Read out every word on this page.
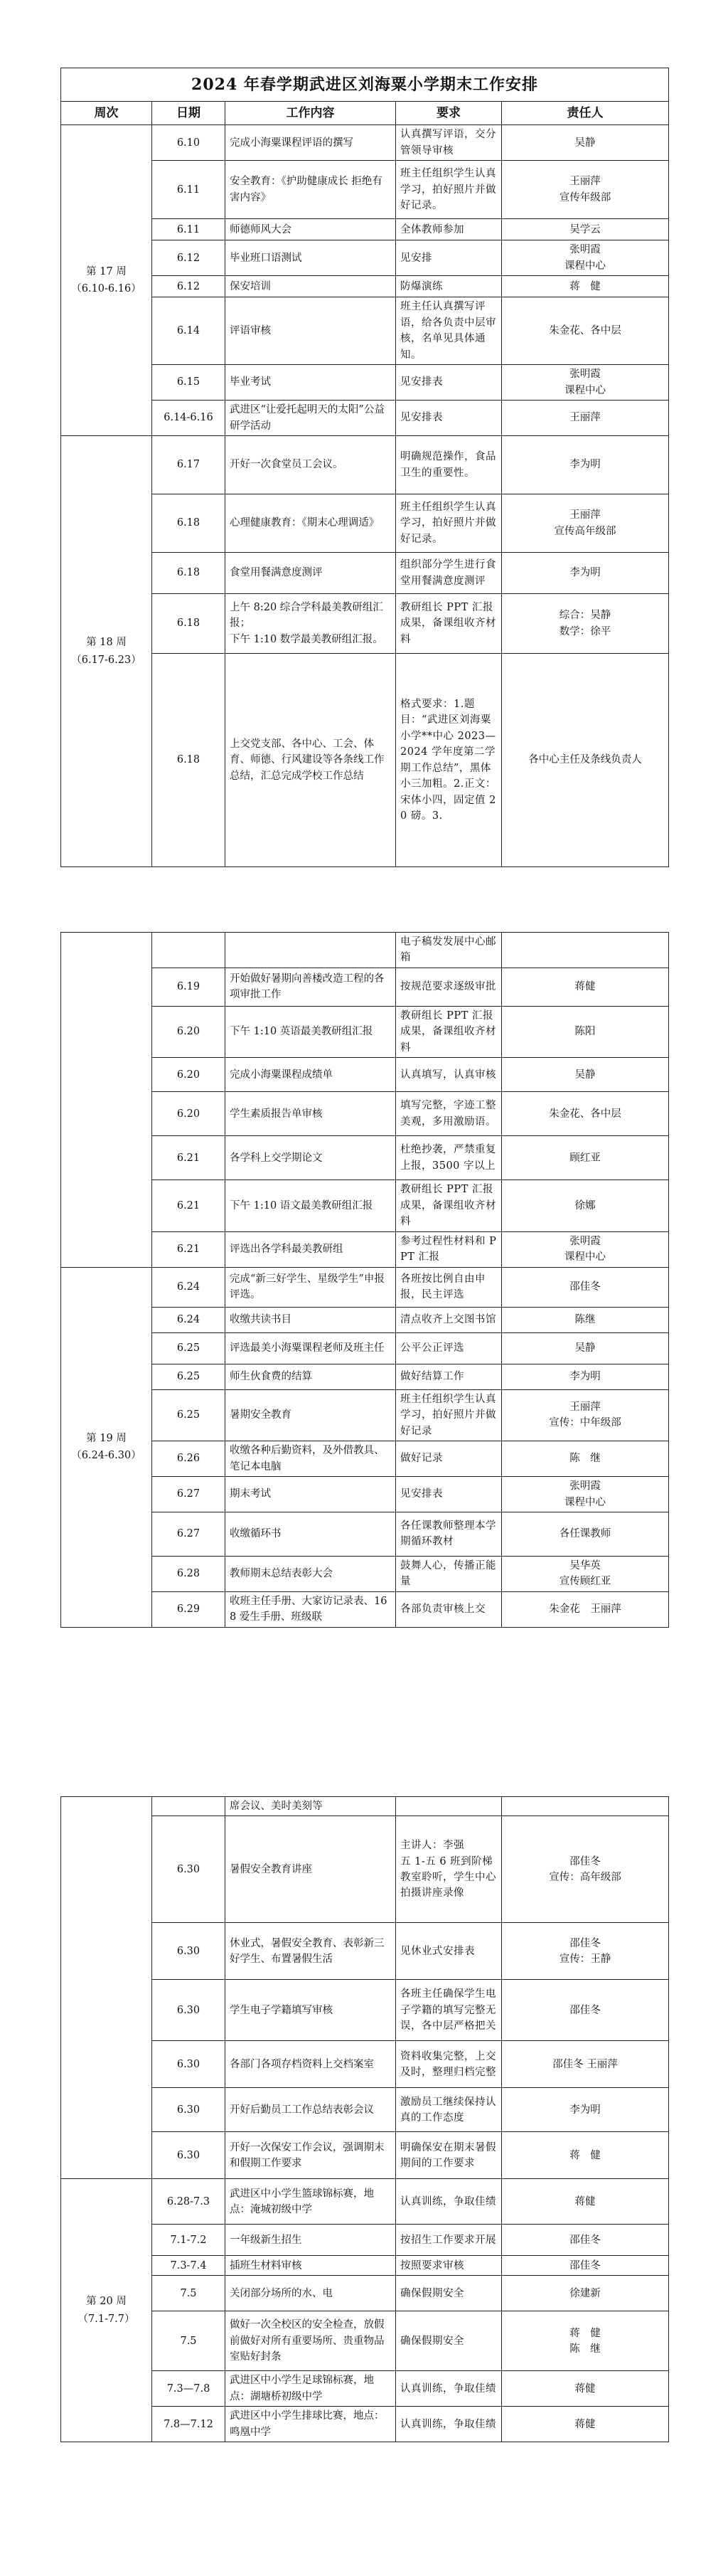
2024 年春学期武进区刘海粟小学期末工作安排				
周次	日期	工作内容	要求	责任人

第 17 周
（6.10-6.16）	6.10	完成小海粟课程评语的撰写	认真撰写评语，交分管领导审核	吴静
	6.11	安全教育：《护助健康成长 拒绝有害内容》	班主任组织学生认真学习，拍好照片并做好记录。	王丽萍
宣传年级部
	6.11	师德师风大会	全体教师参加	吴学云
	6.12	毕业班口语测试	见安排	张明霞
课程中心
	6.12	保安培训	防爆演练	蒋　健
	6.14	评语审核	班主任认真撰写评语，给各负责中层审核，名单见具体通知。	朱金花、各中层
	6.15	毕业考试	见安排表	张明霞
课程中心
	6.14-6.16	武进区“让爱托起明天的太阳”公益研学活动	见安排表	王丽萍

第 18 周
（6.17-6.23）	6.17	开好一次食堂员工会议。	明确规范操作，食品卫生的重要性。	李为明
	6.18	心理健康教育：《期末心理调适》	班主任组织学生认真学习，拍好照片并做好记录。	王丽萍
宣传高年级部
	6.18	食堂用餐满意度测评	组织部分学生进行食堂用餐满意度测评	李为明
	6.18	上午 8:20 综合学科最美教研组汇报；
下午 1:10 数学最美教研组汇报。	教研组长 PPT 汇报成果，备课组收齐材料	综合：吴静
数学：徐平
	6.18	上交党支部、各中心、工会、体育、师德、行风建设等各条线工作总结，汇总完成学校工作总结	格式要求：1.题目：“武进区刘海粟小学**中心 2023—2024 学年度第二学期工作总结”，黑体小三加粗。2.正文：宋体小四，固定值 20 磅。3.	各中心主任及条线负责人
			电子稿发发展中心邮箱	
	6.19	开始做好暑期向善楼改造工程的各项审批工作	按规范要求逐级审批	蒋健
	6.20	下午 1:10 英语最美教研组汇报	教研组长 PPT 汇报成果，备课组收齐材料	陈阳
	6.20	完成小海粟课程成绩单	认真填写，认真审核	吴静
	6.20	学生素质报告单审核	填写完整，字迹工整美观，多用激励语。	朱金花、各中层
	6.21	各学科上交学期论文	杜绝抄袭，严禁重复上报，3500 字以上	顾红亚
	6.21	下午 1:10 语文最美教研组汇报	教研组长 PPT 汇报成果，备课组收齐材料	徐娜
	6.21	评选出各学科最美教研组	参考过程性材料和 PPT 汇报	张明霞
课程中心

第 19 周
（6.24-6.30）	6.24	完成“新三好学生、星级学生”申报评选。	各班按比例自由申报，民主评选	邵佳冬
	6.24	收缴共读书目	清点收齐上交图书馆	陈继
	6.25	评选最美小海粟课程老师及班主任	公平公正评选	吴静
	6.25	师生伙食费的结算	做好结算工作	李为明
	6.25	暑期安全教育	班主任组织学生认真学习，拍好照片并做好记录	王丽萍
宣传：中年级部
	6.26	收缴各种后勤资料，及外借教具、笔记本电脑	做好记录	陈　继
	6.27	期末考试	见安排表	张明霞
课程中心
	6.27	收缴循环书	各任课教师整理本学期循环教材	各任课教师
	6.28	教师期末总结表彰大会	鼓舞人心，传播正能量	吴华英
宣传顾红亚
	6.29	收班主任手册、大家访记录表、168 爱生手册、班级联	各部负责审核上交	朱金花　王丽萍
		席会议、美时美刻等		
	6.30	暑假安全教育讲座	主讲人：李强
五 1-五 6 班到阶梯教室聆听，学生中心拍摄讲座录像	邵佳冬
宣传：高年级部
	6.30	休业式，暑假安全教育、表彰新三好学生、布置暑假生活	见休业式安排表	邵佳冬
宣传：王静
	6.30	学生电子学籍填写审核	各班主任确保学生电子学籍的填写完整无误，各中层严格把关	邵佳冬
	6.30	各部门各项存档资料上交档案室	资料收集完整，上交及时，整理归档完整	邵佳冬 王丽萍
	6.30	开好后勤员工工作总结表彰会议	激励员工继续保持认真的工作态度	李为明
	6.30	开好一次保安工作会议，强调期末和假期工作要求	明确保安在期末暑假期间的工作要求	蒋　健

第 20 周
（7.1-7.7）	6.28-7.3	武进区中小学生篮球锦标赛，地点：淹城初级中学	认真训练，争取佳绩	蒋健
	7.1-7.2	一年级新生招生	按招生工作要求开展	邵佳冬
	7.3-7.4	插班生材料审核	按照要求审核	邵佳冬
	7.5	关闭部分场所的水、电	确保假期安全	徐建新
	7.5	做好一次全校区的安全检查，放假前做好对所有重要场所、贵重物品室贴好封条	确保假期安全	蒋　健
陈　继
	7.3—7.8	武进区中小学生足球锦标赛，地点：湖塘桥初级中学	认真训练，争取佳绩	蒋健
	7.8—7.12	武进区中小学生排球比赛，地点：鸣凰中学	认真训练，争取佳绩	蒋健
